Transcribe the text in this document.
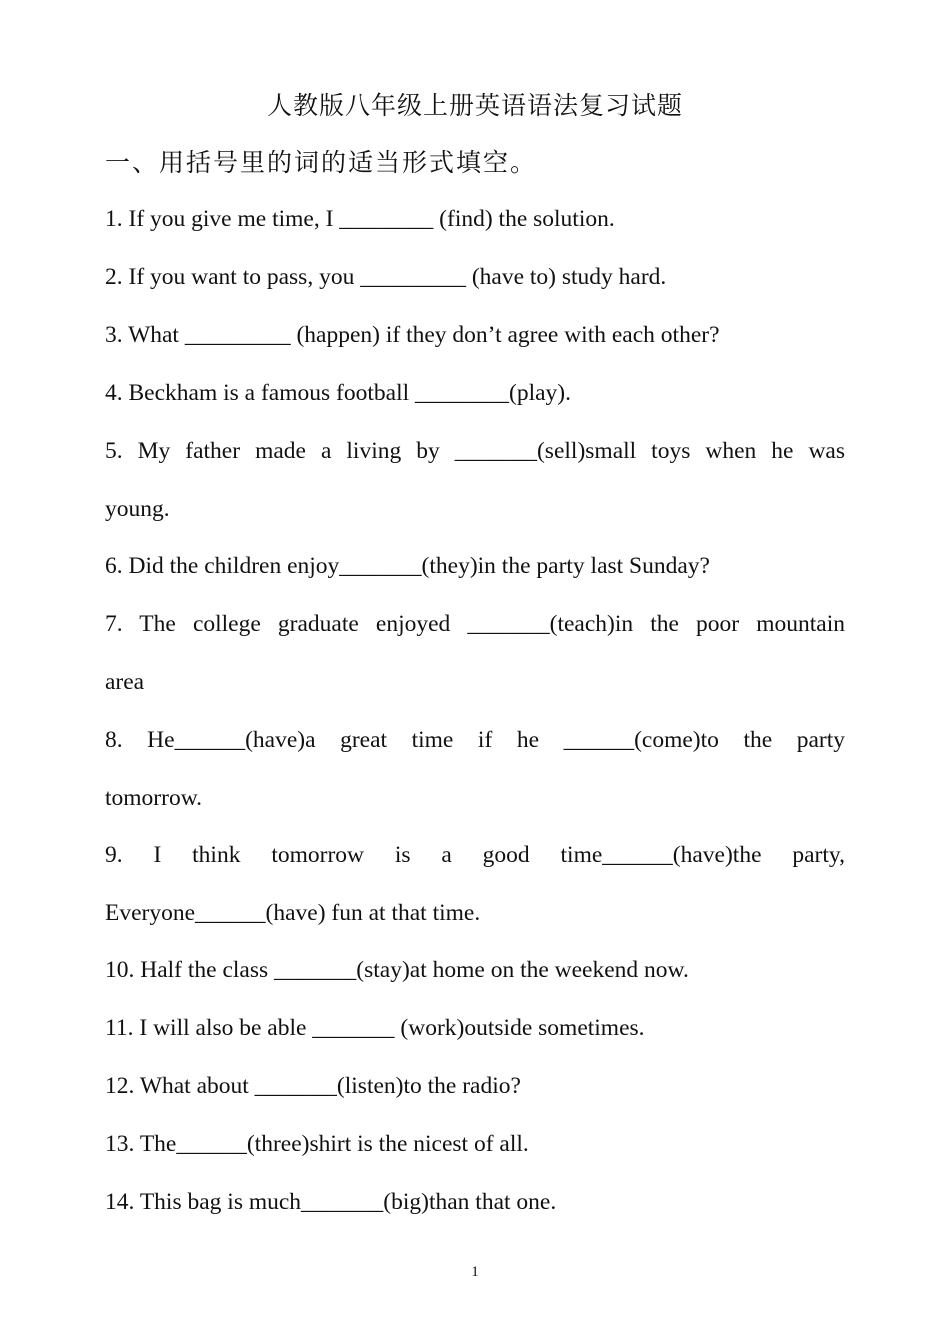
人教版八年级上册英语语法复习试题
一、用括号里的词的适当形式填空。
1. If you give me time, I ________ (find) the solution.
2. If you want to pass, you _________ (have to) study hard.
3. What _________ (happen) if they don’t agree with each other?
4. Beckham is a famous football ________(play).
5. My father made a living by _______(sell)small toys when he was
young.
6. Did the children enjoy_______(they)in the party last Sunday?
7. The college graduate enjoyed _______(teach)in the poor mountain
area
8. He______(have)a great time if he ______(come)to the party
tomorrow.
9. I think tomorrow is a good time______(have)the party,
Everyone______(have) fun at that time.
10. Half the class _______(stay)at home on the weekend now.
11. I will also be able _______ (work)outside sometimes.
12. What about _______(listen)to the radio?
13. The______(three)shirt is the nicest of all.
14. This bag is much_______(big)than that one.
1
